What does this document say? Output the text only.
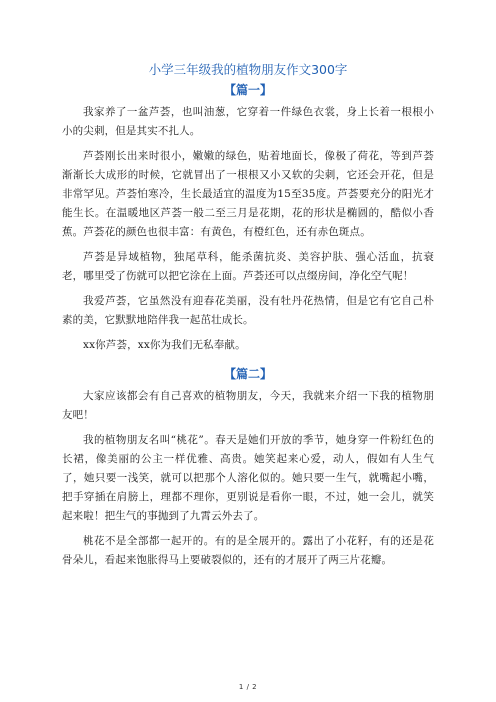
小学三年级我的植物朋友作文300字
【篇一】

我家养了一盆芦荟，也叫油葱，它穿着一件绿色衣裳，身上长着一根根小小的尖刺，但是其实不扎人。

芦荟刚长出来时很小，嫩嫩的绿色，贴着地面长，像极了荷花，等到芦荟渐渐长大成形的时候，它就冒出了一根根又小又软的尖刺，它还会开花，但是非常罕见。芦荟怕寒冷，生长最适宜的温度为15至35度。芦荟要充分的阳光才能生长。在温暖地区芦荟一般二至三月是花期，花的形状是椭圆的，酷似小香蕉。芦荟花的颜色也很丰富：有黄色，有橙红色，还有赤色斑点。

芦荟是异域植物，独尾草科，能杀菌抗炎、美容护肤、强心活血，抗衰老，哪里受了伤就可以把它涂在上面。芦荟还可以点缀房间，净化空气呢！

我爱芦荟，它虽然没有迎春花美丽，没有牡丹花热情，但是它有它自己朴素的美，它默默地陪伴我一起茁壮成长。

xx你芦荟，xx你为我们无私奉献。

【篇二】

大家应该都会有自己喜欢的植物朋友，今天，我就来介绍一下我的植物朋友吧！

我的植物朋友名叫“桃花”。春天是她们开放的季节，她身穿一件粉红色的长裙，像美丽的公主一样优雅、高贵。她笑起来心爱，动人，假如有人生气了，她只要一浅笑，就可以把那个人溶化似的。她只要一生气，就嘴起小嘴，把手穿插在肩膀上，理都不理你，更别说是看你一眼，不过，她一会儿，就笑起来啦！把生气的事抛到了九霄云外去了。

桃花不是全部都一起开的。有的是全展开的。露出了小花籽，有的还是花骨朵儿，看起来饱胀得马上要破裂似的，还有的才展开了两三片花瓣。

1 / 2
